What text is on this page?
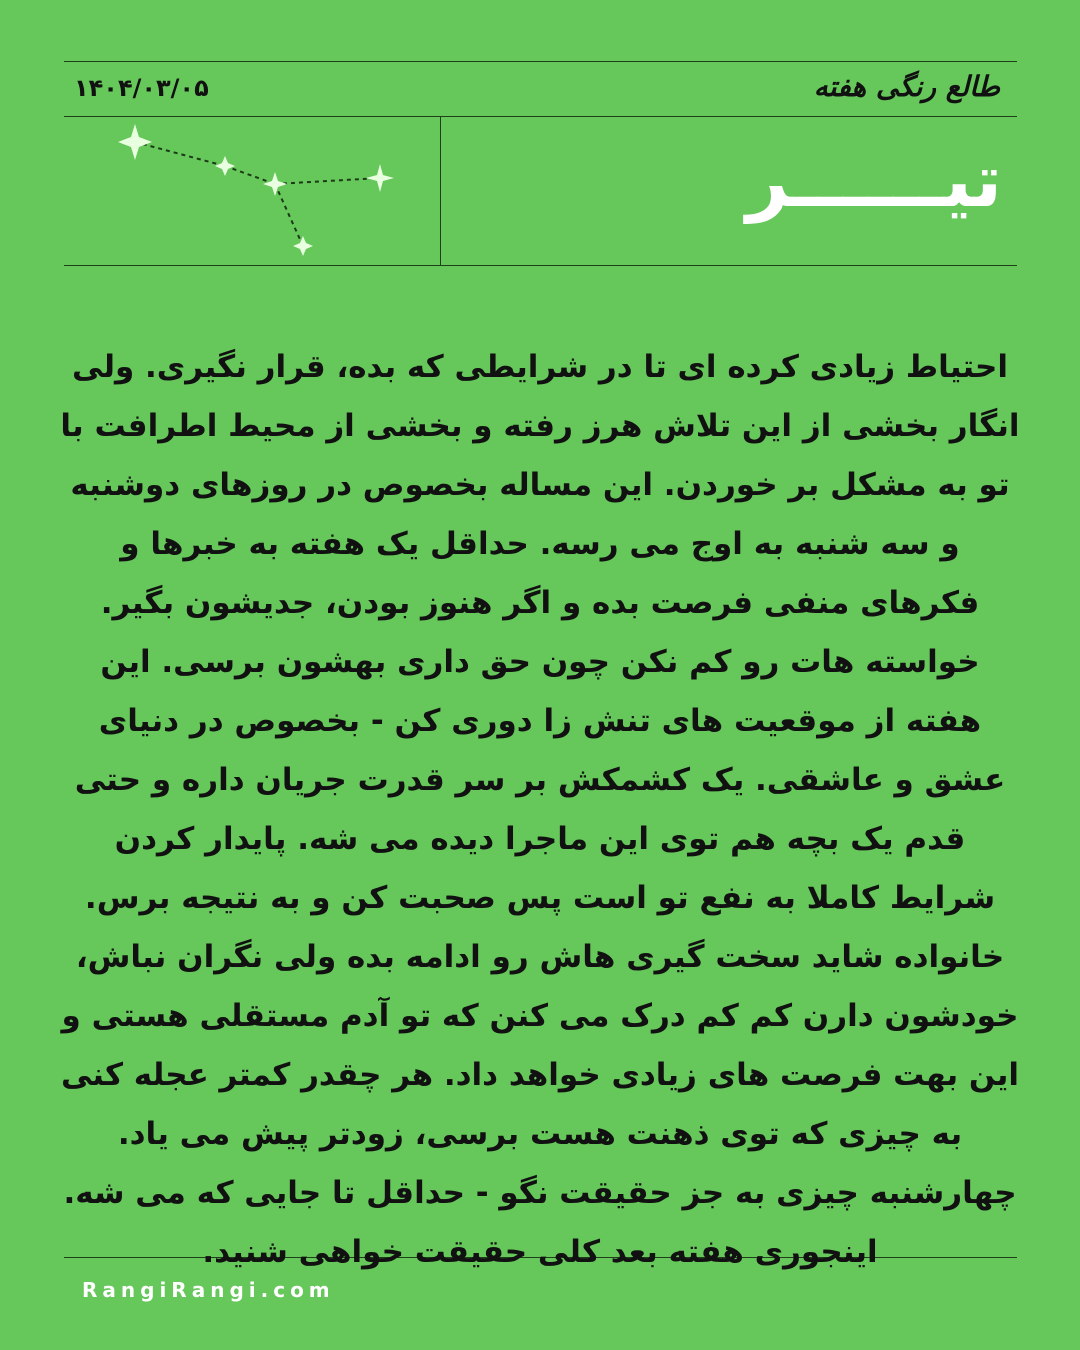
طالع رنگی هفته
۱۴۰۴/۰۳/۰۵
تیــــــر

احتیاط زیادی کرده ای تا در شرایطی که بده، قرار نگیری. ولی انگار بخشی از این تلاش هرز رفته و بخشی از محیط اطرافت با تو به مشکل بر خوردن. این مساله بخصوص در روزهای دوشنبه و سه شنبه به اوج می رسه. حداقل یک هفته به خبرها و فکرهای منفی فرصت بده و اگر هنوز بودن، جدیشون بگیر. خواسته هات رو کم نکن چون حق داری بهشون برسی. این هفته از موقعیت های تنش زا دوری کن - بخصوص در دنیای عشق و عاشقی. یک کشمکش بر سر قدرت جریان داره و حتی قدم یک بچه هم توی این ماجرا دیده می شه. پایدار کردن شرایط کاملا به نفع تو است پس صحبت کن و به نتیجه برس. خانواده شاید سخت گیری هاش رو ادامه بده ولی نگران نباش، خودشون دارن کم کم درک می کنن که تو آدم مستقلی هستی و این بهت فرصت های زیادی خواهد داد. هر چقدر کمتر عجله کنی به چیزی که توی ذهنت هست برسی، زودتر پیش می یاد. چهارشنبه چیزی به جز حقیقت نگو - حداقل تا جایی که می شه. اینجوری هفته بعد کلی حقیقت خواهی شنید.

RangiRangi.com
